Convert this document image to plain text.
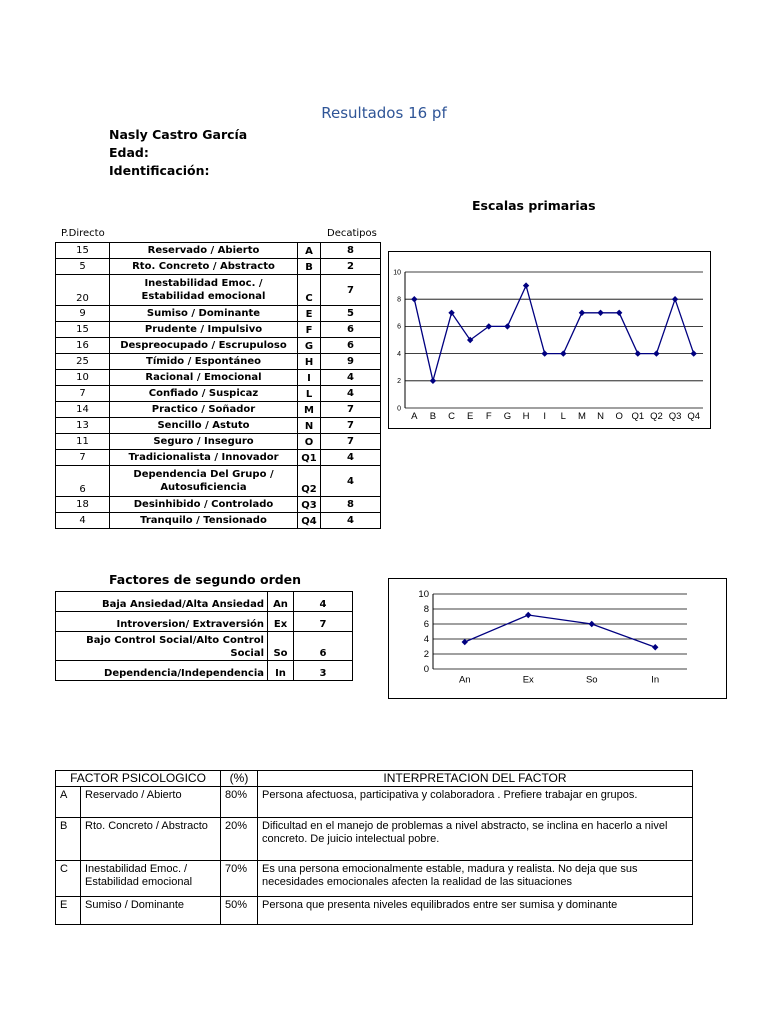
Resultados 16 pf
Nasly Castro García
Edad:
Identificación:
Escalas primarias
P.Directo	Decatipos
15	Reservado / Abierto	A	8
5	Rto. Concreto / Abstracto	B	2
20	Inestabilidad Emoc. / Estabilidad emocional	C	7
9	Sumiso / Dominante	E	5
15	Prudente / Impulsivo	F	6
16	Despreocupado / Escrupuloso	G	6
25	Tímido / Espontáneo	H	9
10	Racional / Emocional	I	4
7	Confiado / Suspicaz	L	4
14	Practico / Soñador	M	7
13	Sencillo / Astuto	N	7
11	Seguro / Inseguro	O	7
7	Tradicionalista / Innovador	Q1	4
6	Dependencia Del Grupo / Autosuficiencia	Q2	4
18	Desinhibido / Controlado	Q3	8
4	Tranquilo / Tensionado	Q4	4
0
2
4
6
8
10
A B C E F G H I L M N O Q1 Q2 Q3 Q4
Factores de segundo orden
Baja Ansiedad/Alta Ansiedad	An	4
Introversion/ Extraversión	Ex	7
Bajo Control Social/Alto Control Social	So	6
Dependencia/Independencia	In	3	0
2
4
6
8
10
An	Ex	So	In
FACTOR PSICOLOGICO		(%)	INTERPRETACION DEL FACTOR
A	Reservado / Abierto	80%	Persona afectuosa, participativa y colaboradora . Prefiere trabajar en grupos.
B	Rto. Concreto / Abstracto	20%	Dificultad en el manejo de problemas a nivel abstracto, se inclina en hacerlo a nivel concreto. De juicio intelectual pobre.
C	Inestabilidad Emoc. / Estabilidad emocional	70%	Es una persona emocionalmente estable, madura y realista. No deja que sus necesidades emocionales afecten la realidad de las situaciones
E	Sumiso / Dominante	50%	Persona que presenta niveles equilibrados entre ser sumisa y dominante
